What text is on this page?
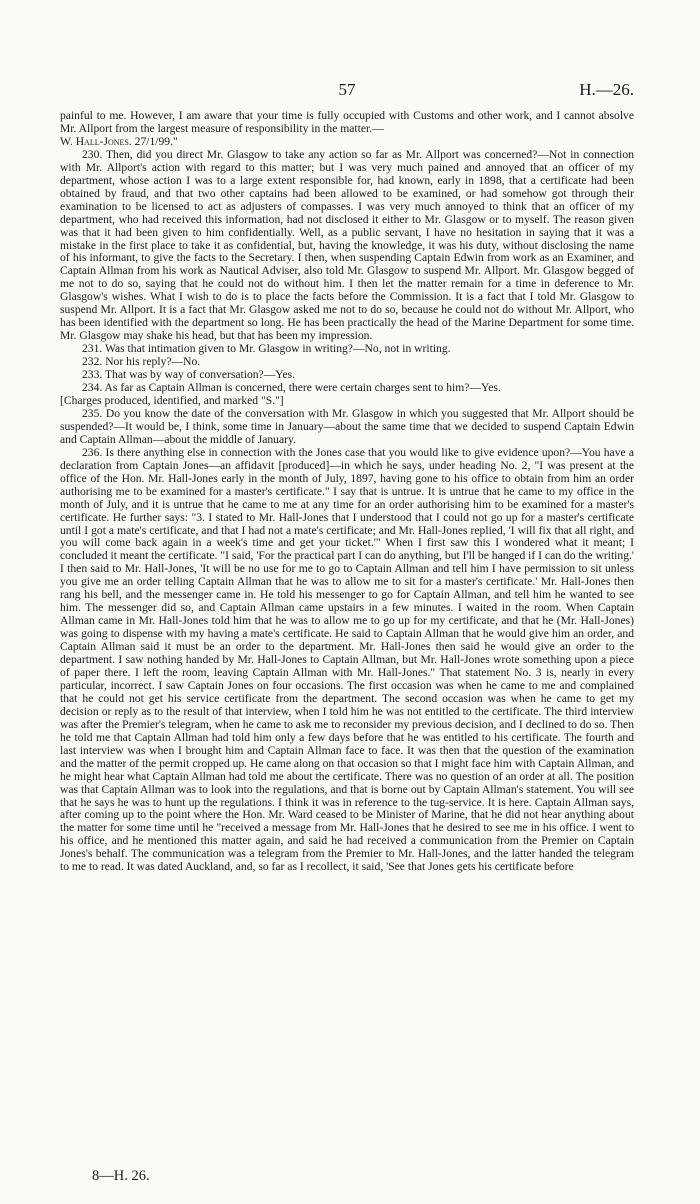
57	H.—26.

painful to me. However, I am aware that your time is fully occupied with Customs and other work, and I cannot absolve Mr. Allport from the largest measure of responsibility in the matter.—

W. Hall-Jones. 27/1/99."

230. Then, did you direct Mr. Glasgow to take any action so far as Mr. Allport was concerned?—Not in connection with Mr. Allport's action with regard to this matter; but I was very much pained and annoyed that an officer of my department, whose action I was to a large extent responsible for, had known, early in 1898, that a certificate had been obtained by fraud, and that two other captains had been allowed to be examined, or had somehow got through their examination to be licensed to act as adjusters of compasses. I was very much annoyed to think that an officer of my department, who had received this information, had not disclosed it either to Mr. Glasgow or to myself. The reason given was that it had been given to him confidentially. Well, as a public servant, I have no hesitation in saying that it was a mistake in the first place to take it as confidential, but, having the knowledge, it was his duty, without disclosing the name of his informant, to give the facts to the Secretary. I then, when suspending Captain Edwin from work as an Examiner, and Captain Allman from his work as Nautical Adviser, also told Mr. Glasgow to suspend Mr. Allport. Mr. Glasgow begged of me not to do so, saying that he could not do without him. I then let the matter remain for a time in deference to Mr. Glasgow's wishes. What I wish to do is to place the facts before the Commission. It is a fact that I told Mr. Glasgow to suspend Mr. Allport. It is a fact that Mr. Glasgow asked me not to do so, because he could not do without Mr. Allport, who has been identified with the department so long. He has been practically the head of the Marine Department for some time. Mr. Glasgow may shake his head, but that has been my impression.

231. Was that intimation given to Mr. Glasgow in writing?—No, not in writing.

232. Nor his reply?—No.

233. That was by way of conversation?—Yes.

234. As far as Captain Allman is concerned, there were certain charges sent to him?—Yes.

[Charges produced, identified, and marked "S."]

235. Do you know the date of the conversation with Mr. Glasgow in which you suggested that Mr. Allport should be suspended?—It would be, I think, some time in January—about the same time that we decided to suspend Captain Edwin and Captain Allman—about the middle of January.

236. Is there anything else in connection with the Jones case that you would like to give evidence upon?—You have a declaration from Captain Jones—an affidavit [produced]—in which he says, under heading No. 2, "I was present at the office of the Hon. Mr. Hall-Jones early in the month of July, 1897, having gone to his office to obtain from him an order authorising me to be examined for a master's certificate." I say that is untrue. It is untrue that he came to my office in the month of July, and it is untrue that he came to me at any time for an order authorising him to be examined for a master's certificate. He further says: "3. I stated to Mr. Hall-Jones that I understood that I could not go up for a master's certificate until I got a mate's certificate, and that I had not a mate's certificate; and Mr. Hall-Jones replied, 'I will fix that all right, and you will come back again in a week's time and get your ticket.'" When I first saw this I wondered what it meant; I concluded it meant the certificate. "I said, 'For the practical part I can do anything, but I'll be hanged if I can do the writing.' I then said to Mr. Hall-Jones, 'It will be no use for me to go to Captain Allman and tell him I have permission to sit unless you give me an order telling Captain Allman that he was to allow me to sit for a master's certificate.' Mr. Hall-Jones then rang his bell, and the messenger came in. He told his messenger to go for Captain Allman, and tell him he wanted to see him. The messenger did so, and Captain Allman came upstairs in a few minutes. I waited in the room. When Captain Allman came in Mr. Hall-Jones told him that he was to allow me to go up for my certificate, and that he (Mr. Hall-Jones) was going to dispense with my having a mate's certificate. He said to Captain Allman that he would give him an order, and Captain Allman said it must be an order to the department. Mr. Hall-Jones then said he would give an order to the department. I saw nothing handed by Mr. Hall-Jones to Captain Allman, but Mr. Hall-Jones wrote something upon a piece of paper there. I left the room, leaving Captain Allman with Mr. Hall-Jones." That statement No. 3 is, nearly in every particular, incorrect. I saw Captain Jones on four occasions. The first occasion was when he came to me and complained that he could not get his service certificate from the department. The second occasion was when he came to get my decision or reply as to the result of that interview, when I told him he was not entitled to the certificate. The third interview was after the Premier's telegram, when he came to ask me to reconsider my previous decision, and I declined to do so. Then he told me that Captain Allman had told him only a few days before that he was entitled to his certificate. The fourth and last interview was when I brought him and Captain Allman face to face. It was then that the question of the examination and the matter of the permit cropped up. He came along on that occasion so that I might face him with Captain Allman, and he might hear what Captain Allman had told me about the certificate. There was no question of an order at all. The position was that Captain Allman was to look into the regulations, and that is borne out by Captain Allman's statement. You will see that he says he was to hunt up the regulations. I think it was in reference to the tug-service. It is here. Captain Allman says, after coming up to the point where the Hon. Mr. Ward ceased to be Minister of Marine, that he did not hear anything about the matter for some time until he "received a message from Mr. Hall-Jones that he desired to see me in his office. I went to his office, and he mentioned this matter again, and said he had received a communication from the Premier on Captain Jones's behalf. The communication was a telegram from the Premier to Mr. Hall-Jones, and the latter handed the telegram to me to read. It was dated Auckland, and, so far as I recollect, it said, 'See that Jones gets his certificate before

8—H. 26.
